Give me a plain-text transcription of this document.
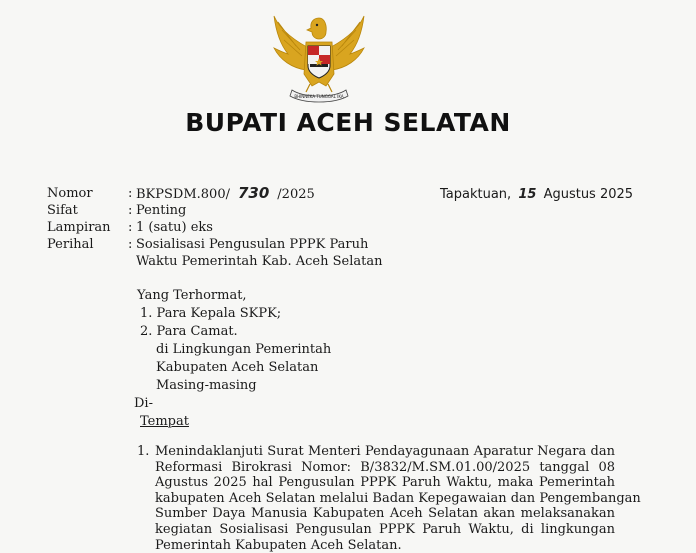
BHINNEKA TUNGGAL IKA
BUPATI ACEH SELATAN
Nomor	: BKPSDM.800/ 730 /2025
Sifat	: Penting
Lampiran	: 1 (satu) eks
Perihal	: Sosialisasi Pengusulan PPPK Paruh
Waktu Pemerintah Kab. Aceh Selatan
Tapaktuan, 15 Agustus 2025
Yang Terhormat,
1. Para Kepala SKPK;
2. Para Camat.
di Lingkungan Pemerintah
Kabupaten Aceh Selatan
Masing-masing
Di-
Tempat
1. Menindaklanjuti Surat Menteri Pendayagunaan Aparatur Negara dan
Reformasi Birokrasi Nomor: B/3832/M.SM.01.00/2025 tanggal 08
Agustus 2025 hal Pengusulan PPPK Paruh Waktu, maka Pemerintah
kabupaten Aceh Selatan melalui Badan Kepegawaian dan Pengembangan
Sumber Daya Manusia Kabupaten Aceh Selatan akan melaksanakan
kegiatan Sosialisasi Pengusulan PPPK Paruh Waktu, di lingkungan
Pemerintah Kabupaten Aceh Selatan.
